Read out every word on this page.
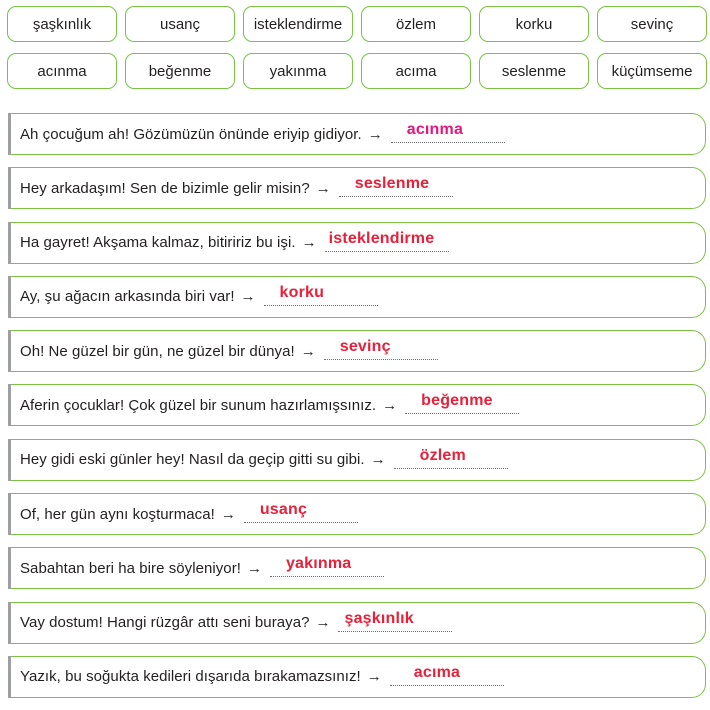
şaşkınlık	usanç	isteklendirme	özlem	korku	sevinç
acınma	beğenme	yakınma	acıma	seslenme	küçümseme
Ah çocuğum ah! Gözümüzün önünde eriyip gidiyor. → acınma
Hey arkadaşım! Sen de bizimle gelir misin? → seslenme
Ha gayret! Akşama kalmaz, bitiririz bu işi. → isteklendirme
Ay, şu ağacın arkasında biri var! → korku
Oh! Ne güzel bir gün, ne güzel bir dünya! → sevinç
Aferin çocuklar! Çok güzel bir sunum hazırlamışsınız. → beğenme
Hey gidi eski günler hey! Nasıl da geçip gitti su gibi. → özlem
Of, her gün aynı koşturmaca! → usanç
Sabahtan beri ha bire söyleniyor! → yakınma
Vay dostum! Hangi rüzgâr attı seni buraya? → şaşkınlık
Yazık, bu soğukta kedileri dışarıda bırakamazsınız! → acıma
